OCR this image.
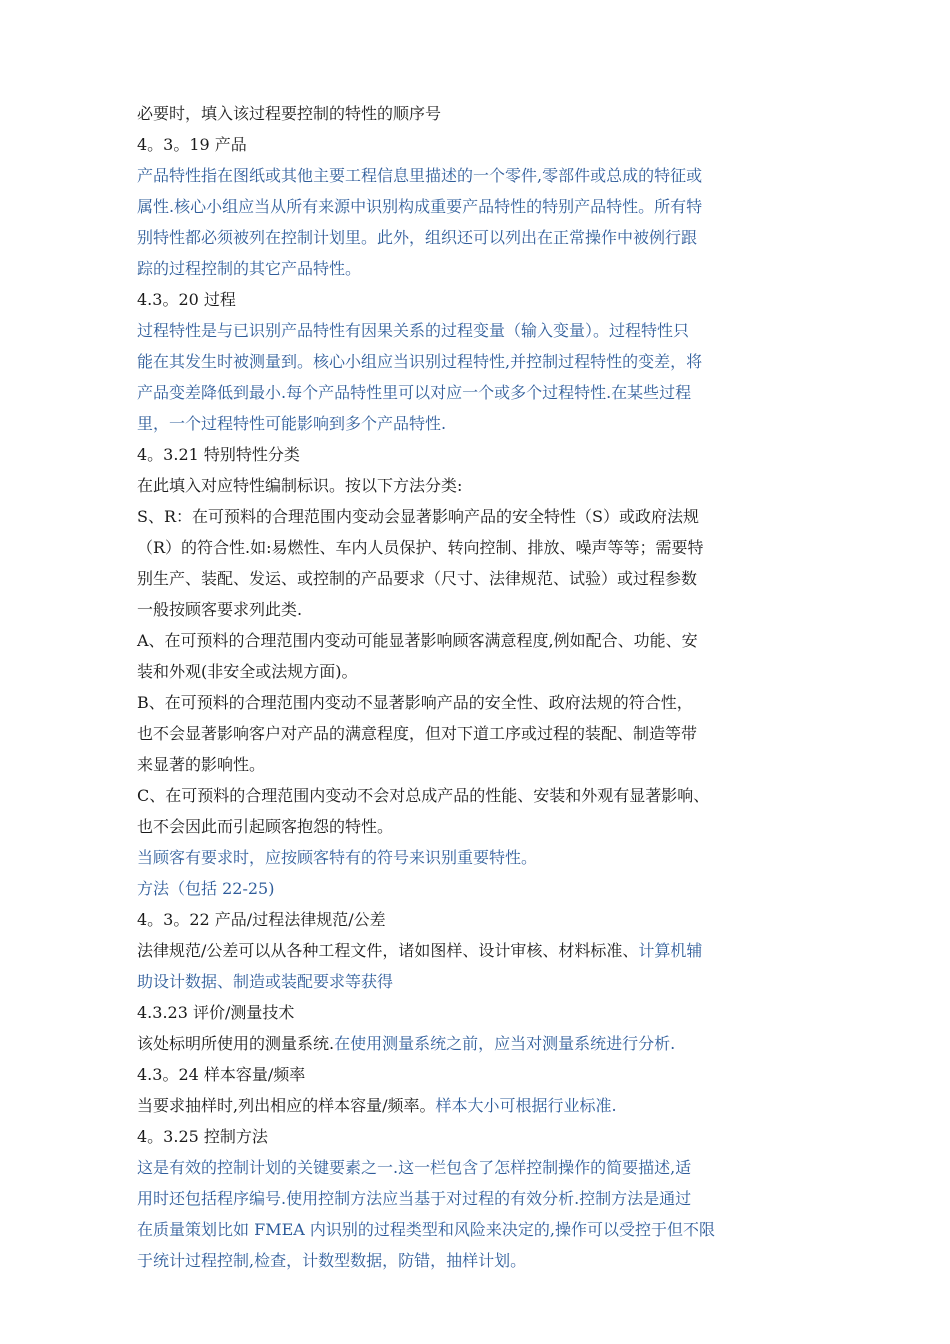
必要时，填入该过程要控制的特性的顺序号
4。3。19 产品
产品特性指在图纸或其他主要工程信息里描述的一个零件,零部件或总成的特征或
属性.核心小组应当从所有来源中识别构成重要产品特性的特别产品特性。所有特
别特性都必须被列在控制计划里。此外，组织还可以列出在正常操作中被例行跟
踪的过程控制的其它产品特性。
4.3。20 过程
过程特性是与已识别产品特性有因果关系的过程变量（输入变量）。过程特性只
能在其发生时被测量到。核心小组应当识别过程特性,并控制过程特性的变差，将
产品变差降低到最小.每个产品特性里可以对应一个或多个过程特性.在某些过程
里，一个过程特性可能影响到多个产品特性.
4。3.21 特别特性分类
在此填入对应特性编制标识。按以下方法分类:
S、R：在可预料的合理范围内变动会显著影响产品的安全特性（S）或政府法规
（R）的符合性.如:易燃性、车内人员保护、转向控制、排放、噪声等等；需要特
别生产、装配、发运、或控制的产品要求（尺寸、法律规范、试验）或过程参数
一般按顾客要求列此类.
A、在可预料的合理范围内变动可能显著影响顾客满意程度,例如配合、功能、安
装和外观(非安全或法规方面)。
B、在可预料的合理范围内变动不显著影响产品的安全性、政府法规的符合性，
也不会显著影响客户对产品的满意程度，但对下道工序或过程的装配、制造等带
来显著的影响性。
C、在可预料的合理范围内变动不会对总成产品的性能、安装和外观有显著影响、
也不会因此而引起顾客抱怨的特性。
当顾客有要求时，应按顾客特有的符号来识别重要特性。
方法（包括 22-25)
4。3。22 产品/过程法律规范/公差
法律规范/公差可以从各种工程文件，诸如图样、设计审核、材料标准、计算机辅
助设计数据、制造或装配要求等获得
4.3.23 评价/测量技术
该处标明所使用的测量系统.在使用测量系统之前，应当对测量系统进行分析.
4.3。24 样本容量/频率
当要求抽样时,列出相应的样本容量/频率。样本大小可根据行业标准.
4。3.25 控制方法
这是有效的控制计划的关键要素之一.这一栏包含了怎样控制操作的简要描述,适
用时还包括程序编号.使用控制方法应当基于对过程的有效分析.控制方法是通过
在质量策划比如 FMEA 内识别的过程类型和风险来决定的,操作可以受控于但不限
于统计过程控制,检查，计数型数据，防错，抽样计划。
